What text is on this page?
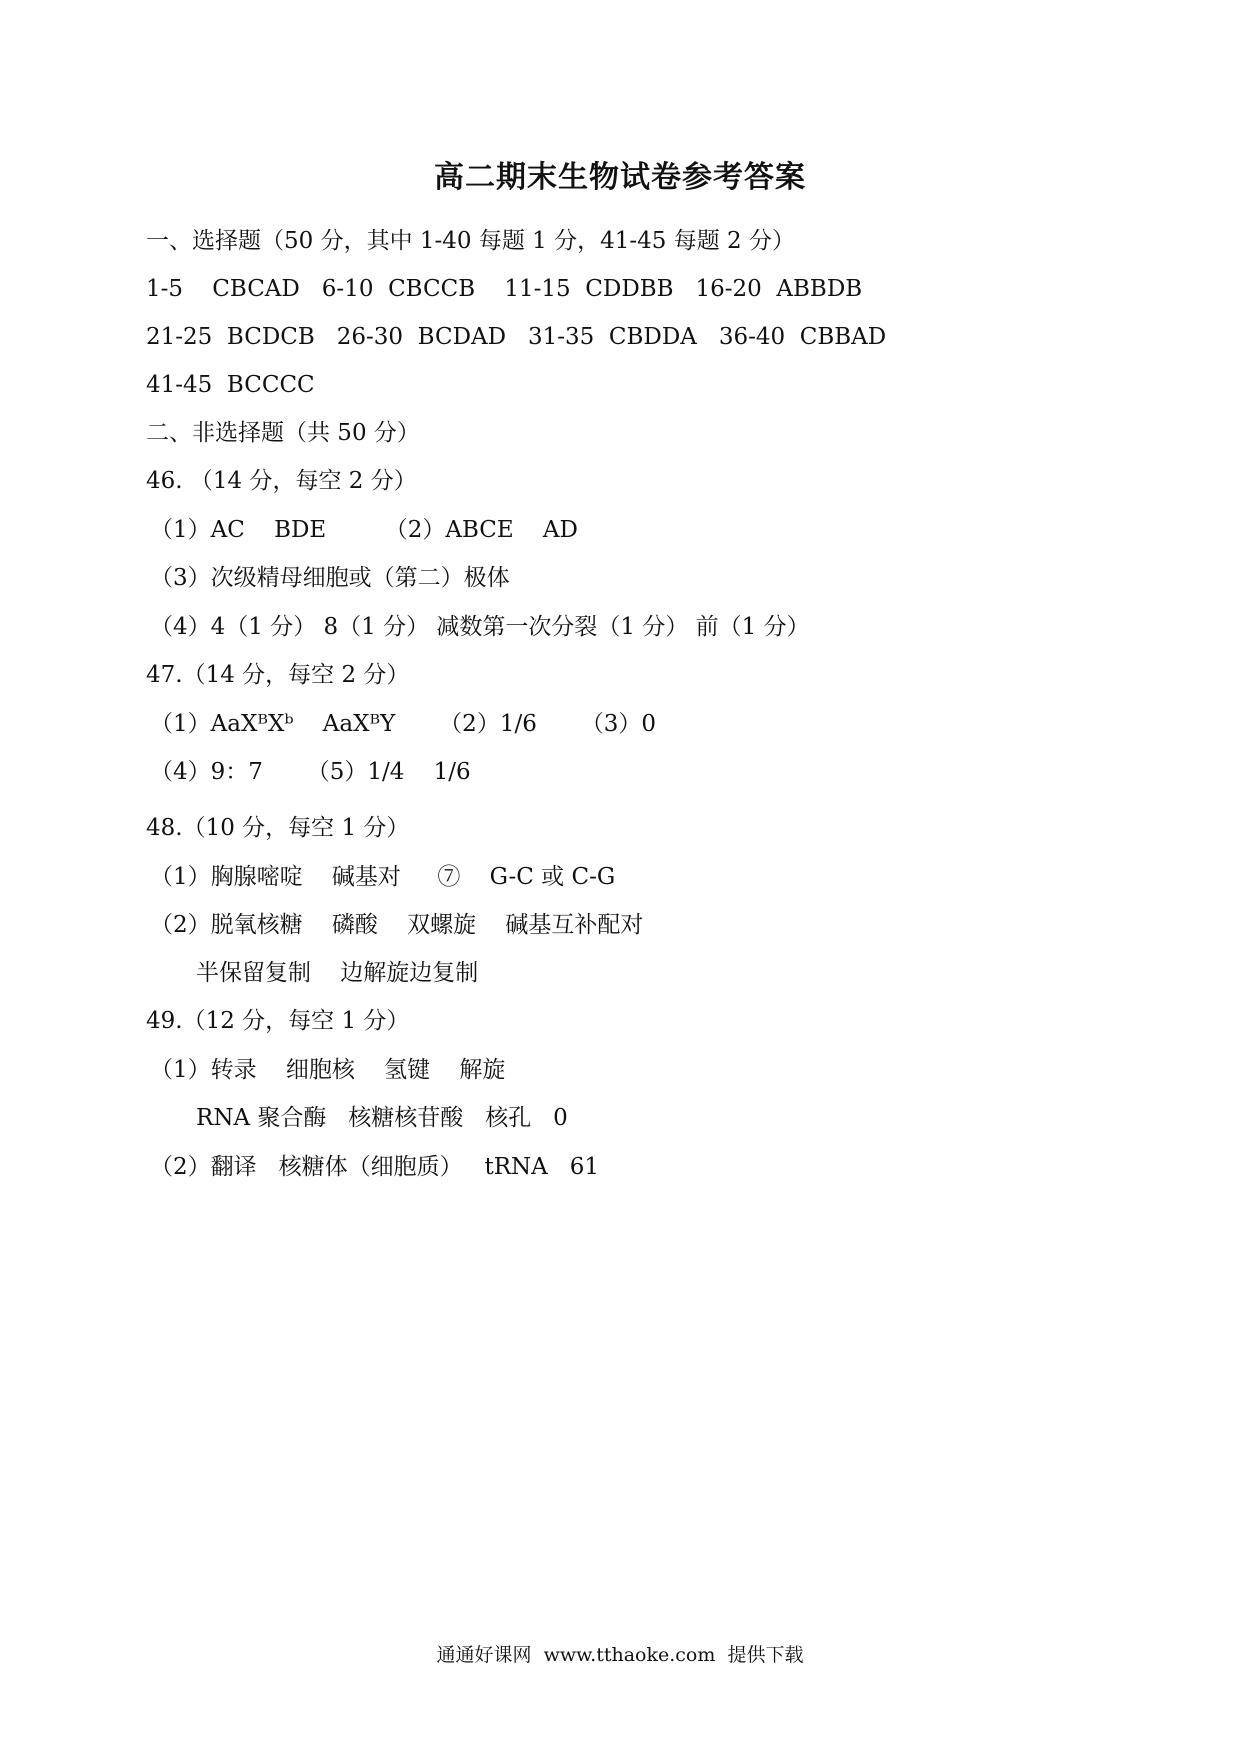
高二期末生物试卷参考答案
一、选择题（50 分，其中 1-40 每题 1 分，41-45 每题 2 分）
1-5    CBCAD   6-10  CBCCB    11-15  CDDBB   16-20  ABBDB
21-25  BCDCB   26-30  BCDAD   31-35  CBDDA   36-40  CBBAD
41-45  BCCCC
二、非选择题（共 50 分）
46. （14 分，每空 2 分）
（1）AC    BDE        （2）ABCE    AD
（3）次级精母细胞或（第二）极体
（4）4（1 分） 8（1 分） 减数第一次分裂（1 分） 前（1 分）
47.（14 分，每空 2 分）
（1）AaXᴮXᵇ    AaXᴮY      （2）1/6      （3）0
（4）9：7      （5）1/4    1/6
48.（10 分，每空 1 分）
（1）胸腺嘧啶    碱基对     ⑦    G-C 或 C-G
（2）脱氧核糖    磷酸    双螺旋    碱基互补配对
半保留复制    边解旋边复制
49.（12 分，每空 1 分）
（1）转录    细胞核    氢键    解旋
RNA 聚合酶   核糖核苷酸   核孔   0
（2）翻译   核糖体（细胞质）   tRNA   61
通通好课网  www.tthaoke.com  提供下载
